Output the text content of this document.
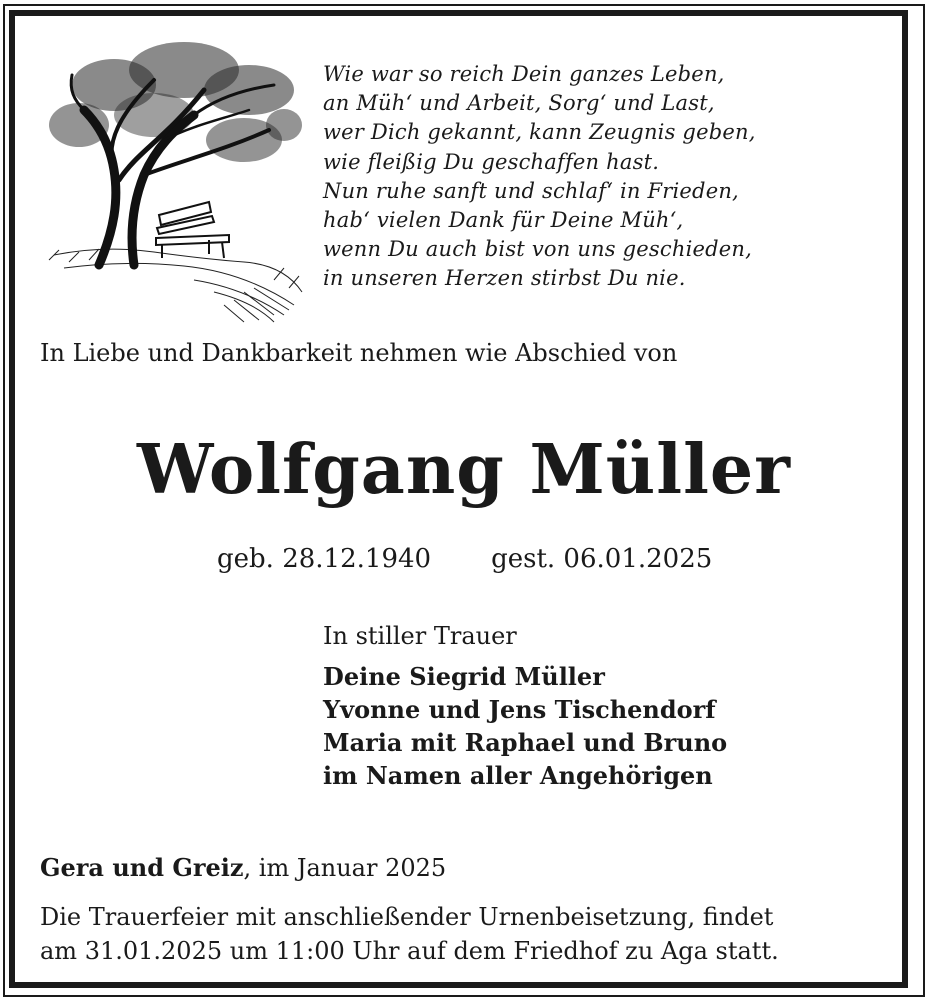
Wie war so reich Dein ganzes Leben,
an Müh‘ und Arbeit, Sorg‘ und Last,
wer Dich gekannt, kann Zeugnis geben,
wie fleißig Du geschaffen hast.
Nun ruhe sanft und schlaf‘ in Frieden,
hab‘ vielen Dank für Deine Müh‘,
wenn Du auch bist von uns geschieden,
in unseren Herzen stirbst Du nie.
In Liebe und Dankbarkeit nehmen wie Abschied von
Wolfgang Müller
geb. 28.12.1940 gest. 06.01.2025
In stiller Trauer
Deine Siegrid Müller
Yvonne und Jens Tischendorf
Maria mit Raphael und Bruno
im Namen aller Angehörigen
Gera und Greiz, im Januar 2025
Die Trauerfeier mit anschließender Urnenbeisetzung, findet
am 31.01.2025 um 11:00 Uhr auf dem Friedhof zu Aga statt.
